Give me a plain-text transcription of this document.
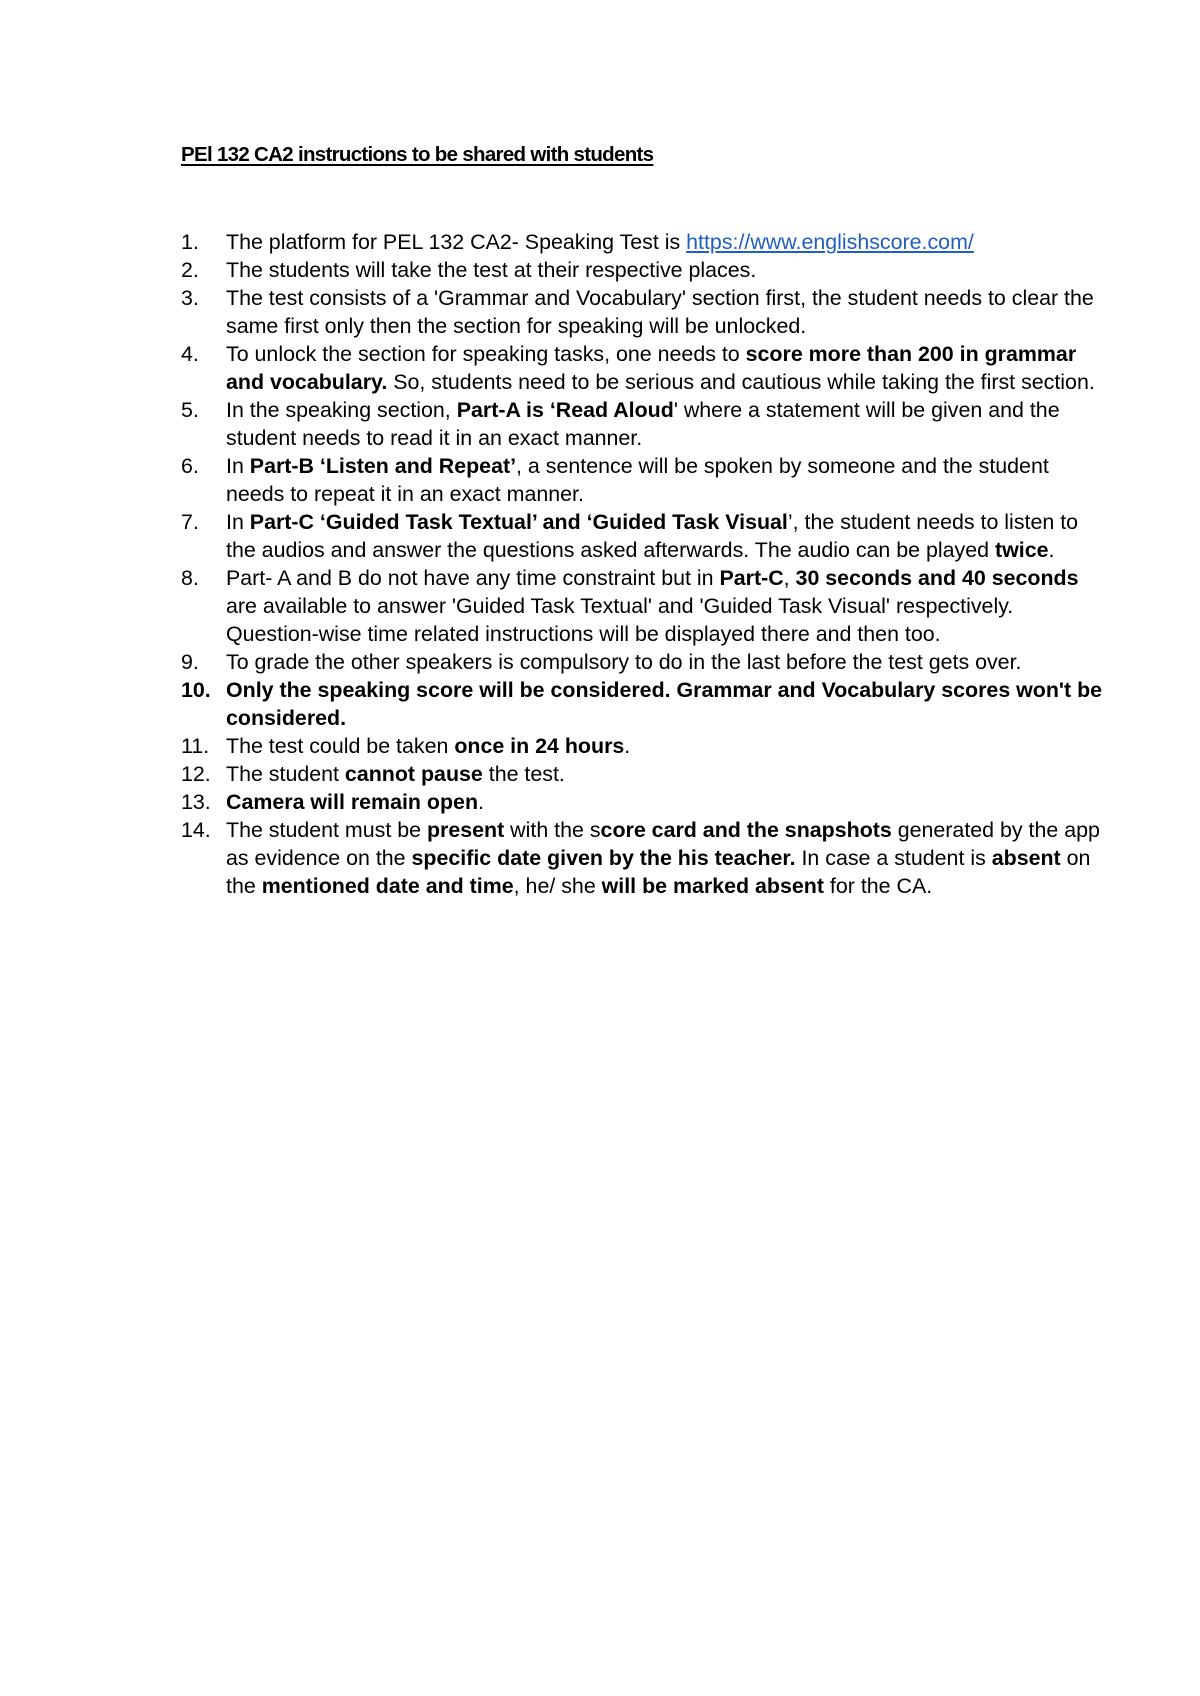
PEl 132 CA2 instructions to be shared with students
1.	The platform for PEL 132 CA2- Speaking Test is https://www.englishscore.com/
2.	The students will take the test at their respective places.
3.	The test consists of a 'Grammar and Vocabulary' section first, the student needs to clear the same first only then the section for speaking will be unlocked.
4.	To unlock the section for speaking tasks, one needs to score more than 200 in grammar and vocabulary. So, students need to be serious and cautious while taking the first section.
5.	In the speaking section, Part-A is ‘Read Aloud' where a statement will be given and the student needs to read it in an exact manner.
6.	In Part-B ‘Listen and Repeat’, a sentence will be spoken by someone and the student needs to repeat it in an exact manner.
7.	In Part-C ‘Guided Task Textual’ and ‘Guided Task Visual’, the student needs to listen to the audios and answer the questions asked afterwards. The audio can be played twice.
8.	Part- A and B do not have any time constraint but in Part-C, 30 seconds and 40 seconds are available to answer 'Guided Task Textual' and 'Guided Task Visual' respectively. Question-wise time related instructions will be displayed there and then too.
9.	To grade the other speakers is compulsory to do in the last before the test gets over.
10. Only the speaking score will be considered. Grammar and Vocabulary scores won't be considered.
11. The test could be taken once in 24 hours.
12. The student cannot pause the test.
13. Camera will remain open.
14. The student must be present with the score card and the snapshots generated by the app as evidence on the specific date given by the his teacher. In case a student is absent on the mentioned date and time, he/ she will be marked absent for the CA.
